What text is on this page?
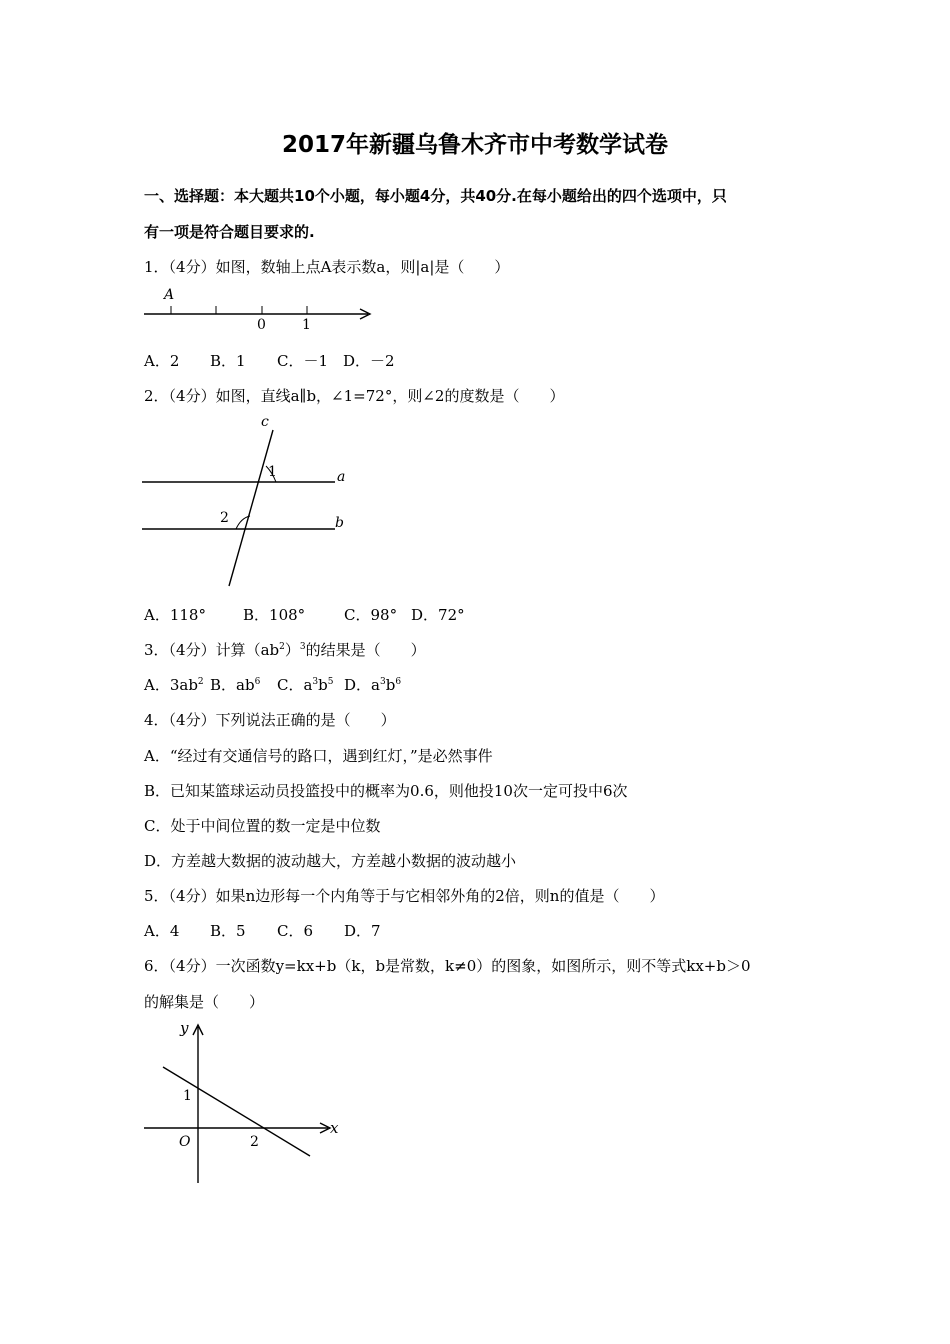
2017年新疆乌鲁木齐市中考数学试卷
一、选择题：本大题共10个小题，每小题4分，共40分.在每小题给出的四个选项中，只
有一项是符合题目要求的.
1．（4分）如图，数轴上点A表示数a，则|a|是（　　）
A
0	1
A．2 B．1 C．－1 D．－2
2．（4分）如图，直线a∥b，∠1=72°，则∠2的度数是（　　）
c
a
b
1
2
A．118° B．108°	C．98° D．72°
3．（4分）计算$(ab^2)^3$的结果是（　　）
A．$3ab^2$ B．$ab^6$ C．$a^3b^5$ D．$a^3b^6$
4．（4分）下列说法正确的是（　　）
A．“经过有交通信号的路口，遇到红灯，”是必然事件
B．已知某篮球运动员投篮投中的概率为0.6，则他投10次一定可投中6次
C．处于中间位置的数一定是中位数
D．方差越大数据的波动越大，方差越小数据的波动越小
5．（4分）如果n边形每一个内角等于与它相邻外角的2倍，则n的值是（　　）
A．4 B．5 C．6 D．7
6．（4分）一次函数y=kx+b（k，b是常数，k≠0）的图象，如图所示，则不等式kx+b＞0
的解集是（　　）
y
x
O
1
2
